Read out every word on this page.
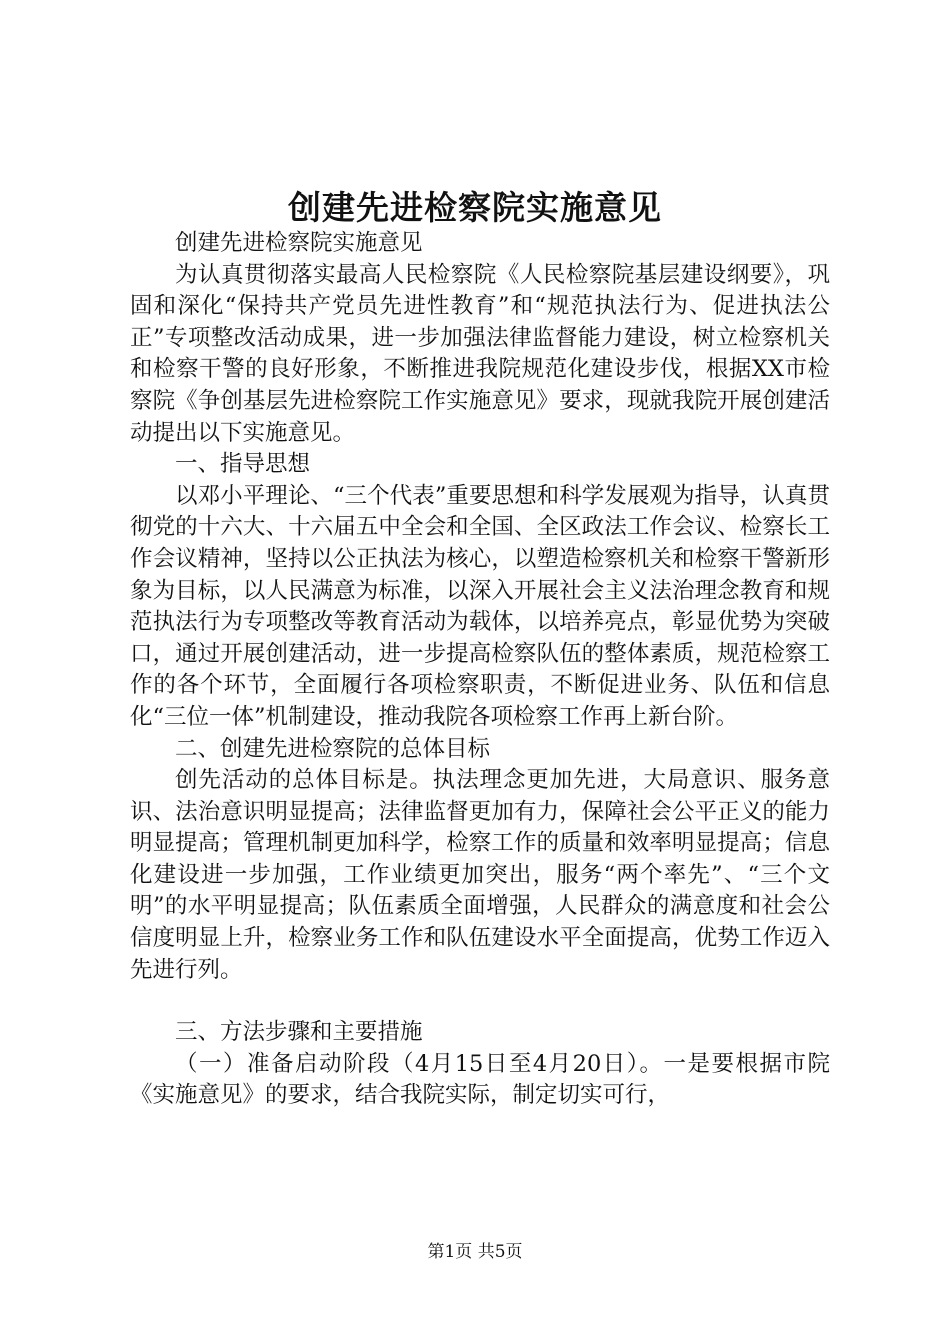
创建先进检察院实施意见

创建先进检察院实施意见

为认真贯彻落实最高人民检察院《人民检察院基层建设纲要》，巩固和深化“保持共产党员先进性教育”和“规范执法行为、促进执法公正”专项整改活动成果，进一步加强法律监督能力建设，树立检察机关和检察干警的良好形象，不断推进我院规范化建设步伐，根据XX市检察院《争创基层先进检察院工作实施意见》要求，现就我院开展创建活动提出以下实施意见。

一、指导思想

以邓小平理论、“三个代表”重要思想和科学发展观为指导，认真贯彻党的十六大、十六届五中全会和全国、全区政法工作会议、检察长工作会议精神，坚持以公正执法为核心，以塑造检察机关和检察干警新形象为目标，以人民满意为标准，以深入开展社会主义法治理念教育和规范执法行为专项整改等教育活动为载体，以培养亮点，彰显优势为突破口，通过开展创建活动，进一步提高检察队伍的整体素质，规范检察工作的各个环节，全面履行各项检察职责，不断促进业务、队伍和信息化“三位一体”机制建设，推动我院各项检察工作再上新台阶。

二、创建先进检察院的总体目标

创先活动的总体目标是。执法理念更加先进，大局意识、服务意识、法治意识明显提高；法律监督更加有力，保障社会公平正义的能力明显提高；管理机制更加科学，检察工作的质量和效率明显提高；信息化建设进一步加强，工作业绩更加突出，服务“两个率先”、“三个文明”的水平明显提高；队伍素质全面增强，人民群众的满意度和社会公信度明显上升，检察业务工作和队伍建设水平全面提高，优势工作迈入先进行列。

三、方法步骤和主要措施

（一）准备启动阶段（4月15日至4月20日）。一是要根据市院《实施意见》的要求，结合我院实际，制定切实可行，

第1页 共5页
